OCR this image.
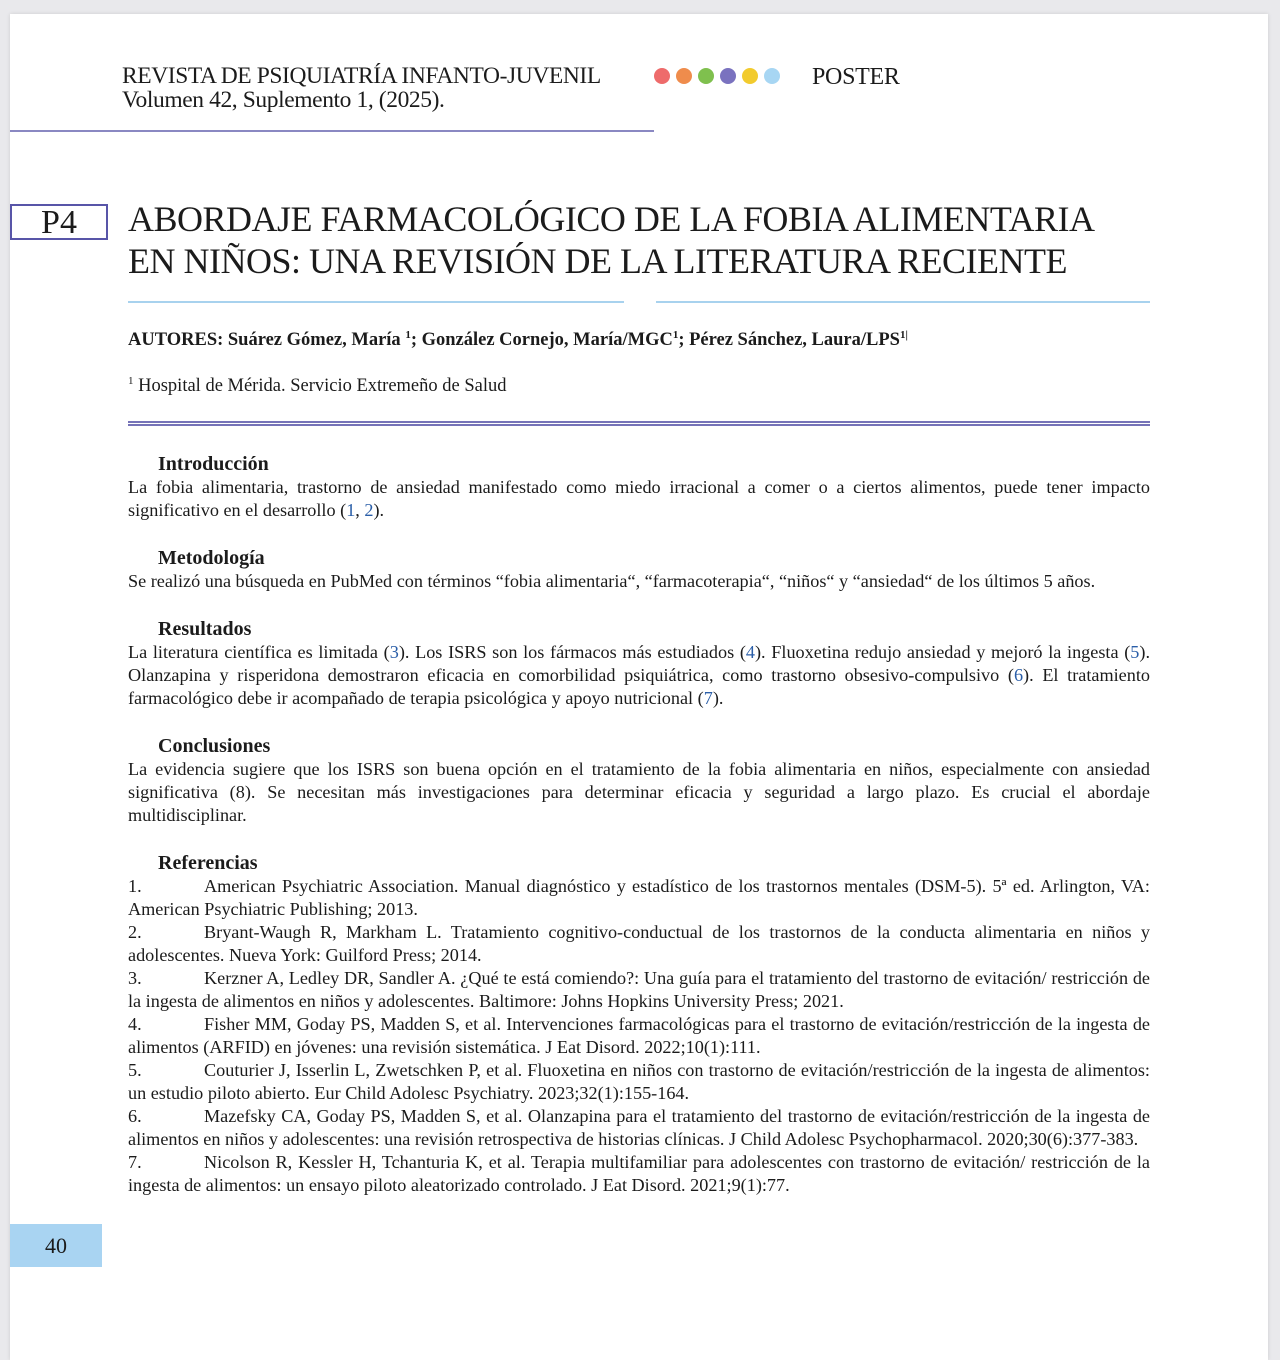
REVISTA DE PSIQUIATRÍA INFANTO-JUVENIL
Volumen 42, Suplemento 1, (2025).
POSTER
P4	ABORDAJE FARMACOLÓGICO DE LA FOBIA ALIMENTARIA
EN NIÑOS: UNA REVISIÓN DE LA LITERATURA RECIENTE
AUTORES: Suárez Gómez, María $^1$; González Cornejo, María/MGC$^1$; Pérez Sánchez, Laura/$LPS^{1|}$
$^1$ Hospital de Mérida. Servicio Extremeño de Salud
Introducción

La fobia alimentaria, trastorno de ansiedad manifestado como miedo irracional a comer o a ciertos alimentos, puede tener impacto significativo en el desarrollo (1, 2).

Metodología

Se realizó una búsqueda en PubMed con términos “fobia alimentaria“, “farmacoterapia“, “niños“ y “ansiedad“ de los últimos 5 años.

Resultados

La literatura científica es limitada (3). Los ISRS son los fármacos más estudiados (4). Fluoxetina redujo ansiedad y mejoró la ingesta (5). Olanzapina y risperidona demostraron eficacia en comorbilidad psiquiátrica, como trastorno obsesivo-compulsivo (6). El tratamiento farmacológico debe ir acompañado de terapia psicológica y apoyo nutricional (7).

Conclusiones

La evidencia sugiere que los ISRS son buena opción en el tratamiento de la fobia alimentaria en niños, especialmente con ansiedad significativa (8). Se necesitan más investigaciones para determinar eficacia y seguridad a largo plazo. Es crucial el abordaje multidisciplinar.

Referencias

1.	American Psychiatric Association. Manual diagnóstico y estadístico de los trastornos mentales (DSM-5). 5ª ed. Arlington, VA: American Psychiatric Publishing; 2013.

2.	Bryant-Waugh R, Markham L. Tratamiento cognitivo-conductual de los trastornos de la conducta alimentaria en niños y adolescentes. Nueva York: Guilford Press; 2014.

3.	Kerzner A, Ledley DR, Sandler A. ¿Qué te está comiendo?: Una guía para el tratamiento del trastorno de evitación/ restricción de la ingesta de alimentos en niños y adolescentes. Baltimore: Johns Hopkins University Press; 2021.

4.	Fisher MM, Goday PS, Madden S, et al. Intervenciones farmacológicas para el trastorno de evitación/restricción de la ingesta de alimentos (ARFID) en jóvenes: una revisión sistemática. J Eat Disord. 2022;10(1):111.

5.	Couturier J, Isserlin L, Zwetschken P, et al. Fluoxetina en niños con trastorno de evitación/restricción de la ingesta de alimentos: un estudio piloto abierto. Eur Child Adolesc Psychiatry. 2023;32(1):155-164.

6.	Mazefsky CA, Goday PS, Madden S, et al. Olanzapina para el tratamiento del trastorno de evitación/restricción de la ingesta de alimentos en niños y adolescentes: una revisión retrospectiva de historias clínicas. J Child Adolesc Psychopharmacol. 2020;30(6):377-383.

7.	Nicolson R, Kessler H, Tchanturia K, et al. Terapia multifamiliar para adolescentes con trastorno de evitación/ restricción de la ingesta de alimentos: un ensayo piloto aleatorizado controlado. J Eat Disord. 2021;9(1):77.

40
